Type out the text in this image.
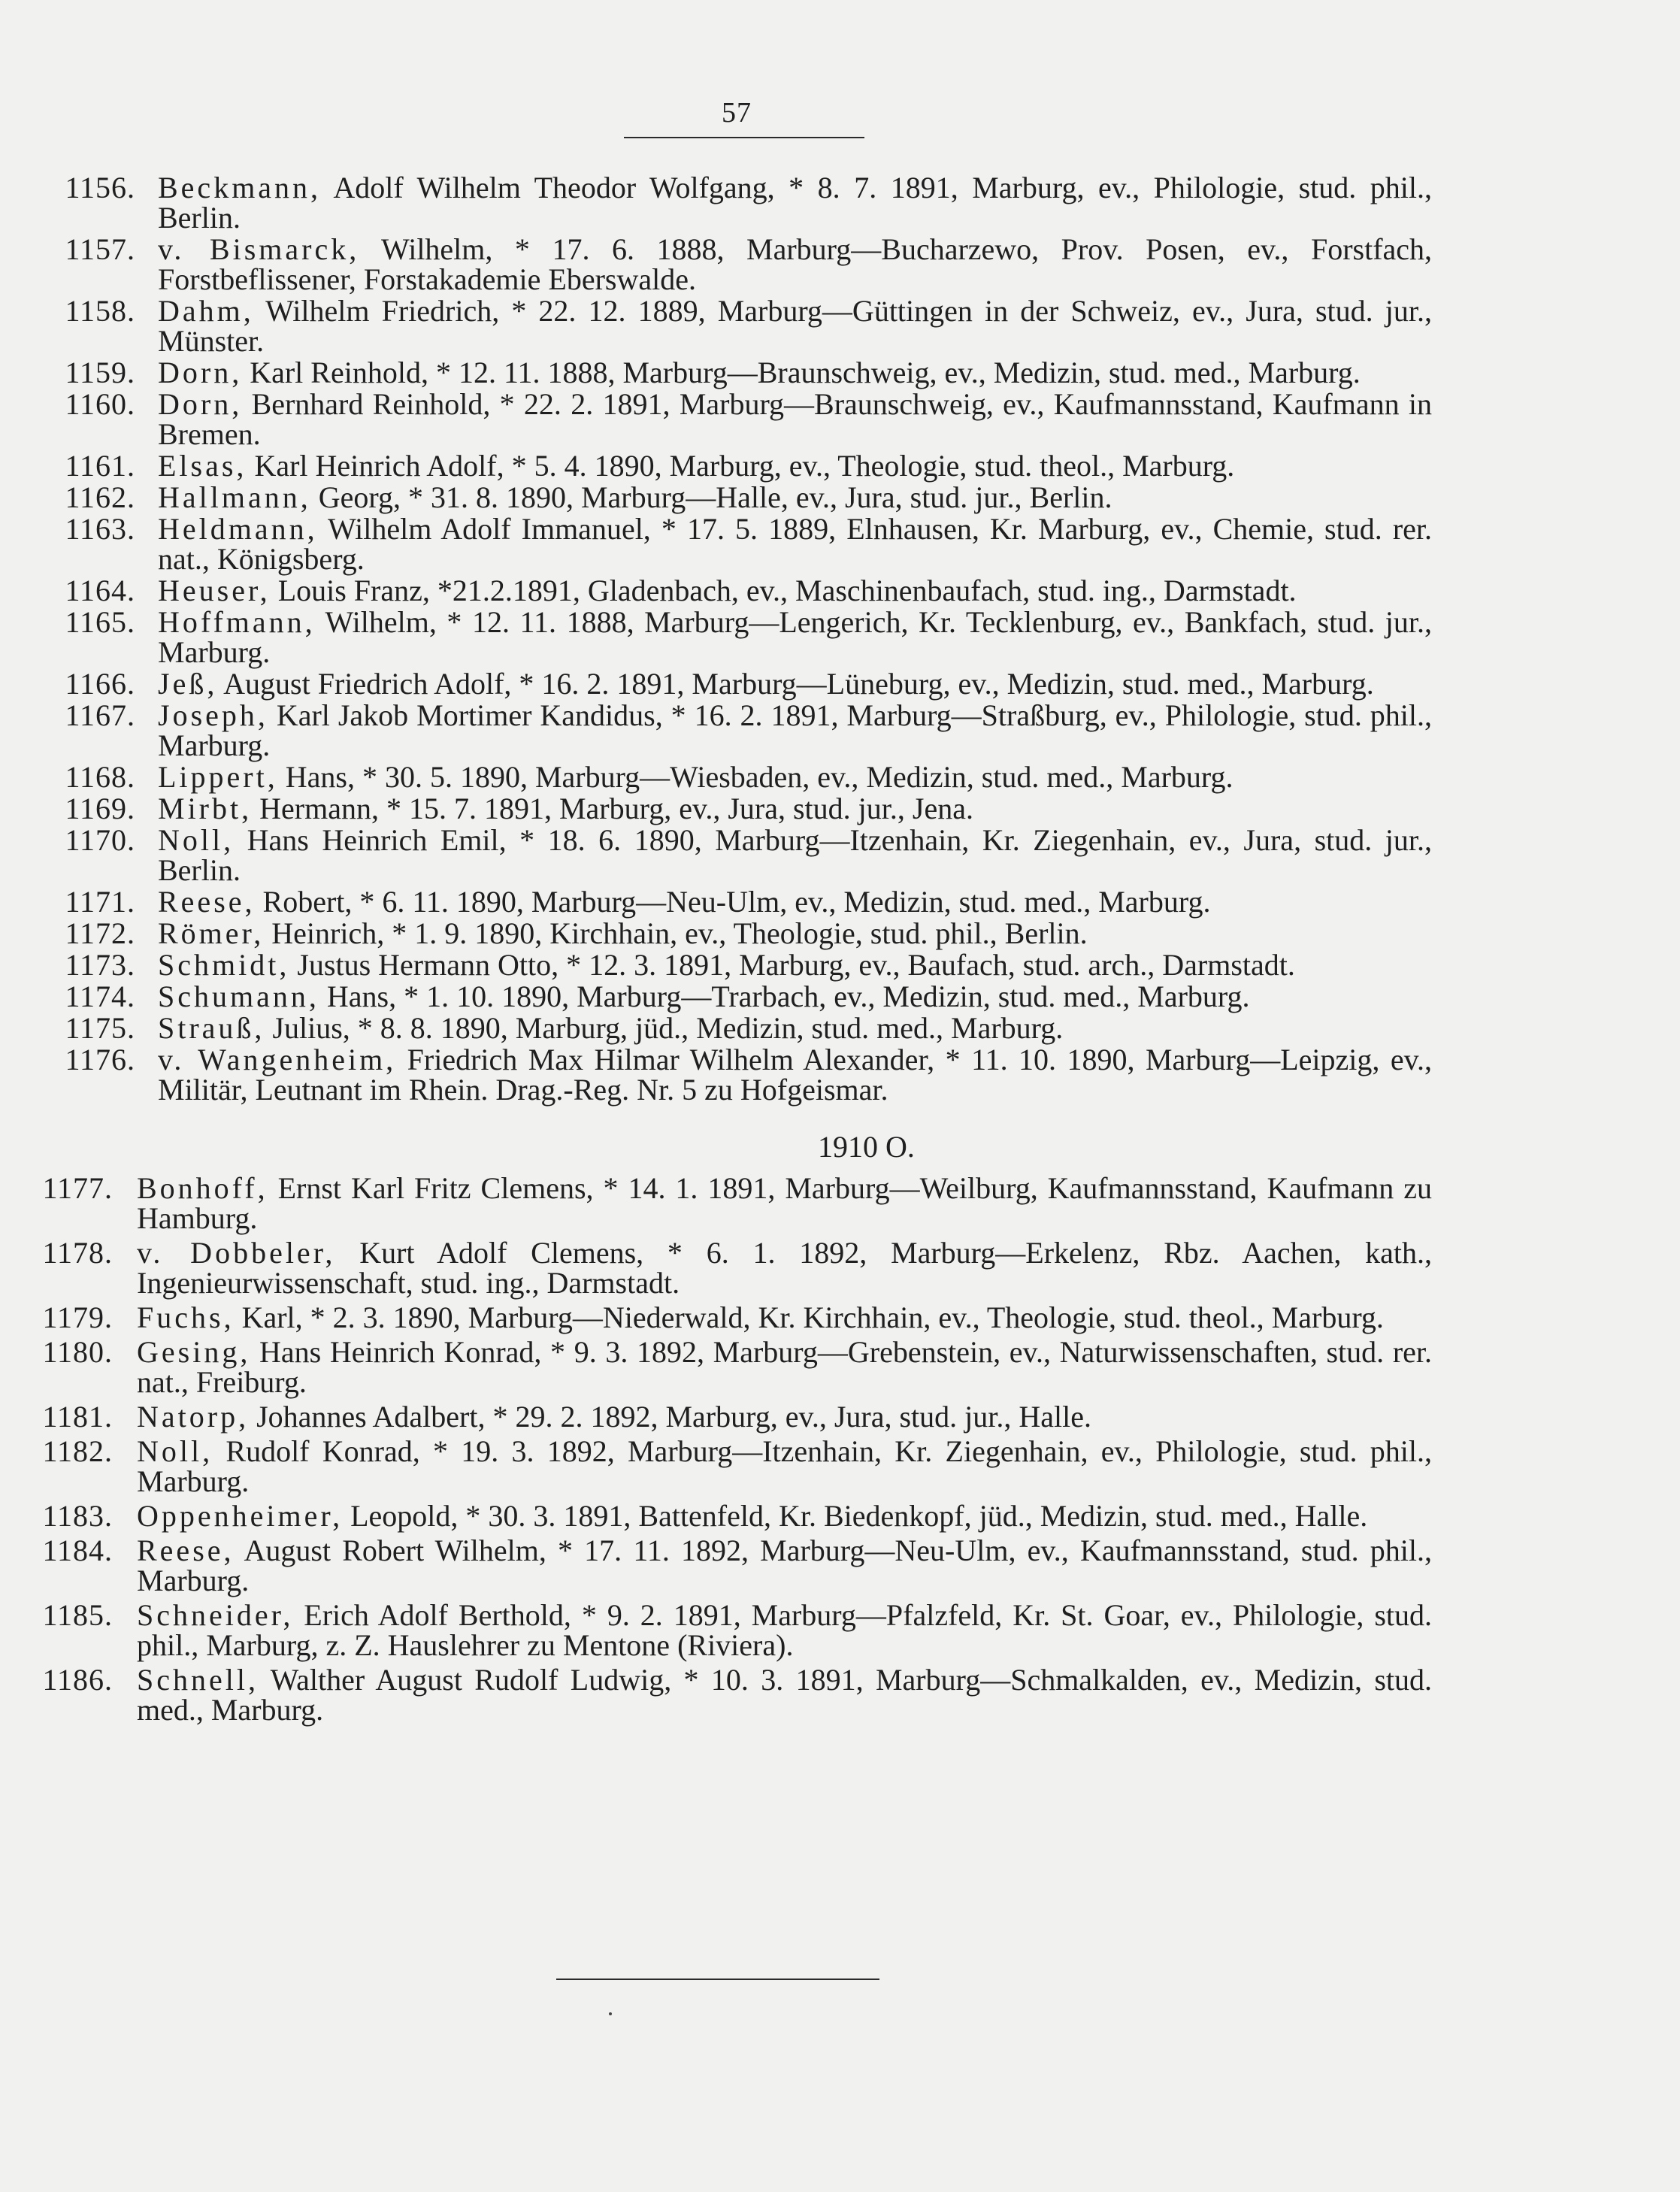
57
1156. Beckmann, Adolf Wilhelm Theodor Wolfgang, * 8. 7. 1891, Marburg, ev., Philologie, stud. phil., Berlin.
1157. v. Bismarck, Wilhelm, * 17. 6. 1888, Marburg—Bucharzewo, Prov. Posen, ev., Forstfach, Forstbeflissener, Forstakademie Eberswalde.
1158. Dahm, Wilhelm Friedrich, * 22. 12. 1889, Marburg—Güttingen in der Schweiz, ev., Jura, stud. jur., Münster.
1159. Dorn, Karl Reinhold, * 12. 11. 1888, Marburg—Braunschweig, ev., Medizin, stud. med., Marburg.
1160. Dorn, Bernhard Reinhold, * 22. 2. 1891, Marburg—Braunschweig, ev., Kaufmannsstand, Kaufmann in Bremen.
1161. Elsas, Karl Heinrich Adolf, * 5. 4. 1890, Marburg, ev., Theologie, stud. theol., Marburg.
1162. Hallmann, Georg, * 31. 8. 1890, Marburg—Halle, ev., Jura, stud. jur., Berlin.
1163. Heldmann, Wilhelm Adolf Immanuel, * 17. 5. 1889, Elnhausen, Kr. Marburg, ev., Chemie, stud. rer. nat., Königsberg.
1164. Heuser, Louis Franz, *21.2.1891, Gladenbach, ev., Maschinenbaufach, stud. ing., Darmstadt.
1165. Hoffmann, Wilhelm, * 12. 11. 1888, Marburg—Lengerich, Kr. Tecklenburg, ev., Bankfach, stud. jur., Marburg.
1166. Jeß, August Friedrich Adolf, * 16. 2. 1891, Marburg—Lüneburg, ev., Medizin, stud. med., Marburg.
1167. Joseph, Karl Jakob Mortimer Kandidus, * 16. 2. 1891, Marburg—Straßburg, ev., Philologie, stud. phil., Marburg.
1168. Lippert, Hans, * 30. 5. 1890, Marburg—Wiesbaden, ev., Medizin, stud. med., Marburg.
1169. Mirbt, Hermann, * 15. 7. 1891, Marburg, ev., Jura, stud. jur., Jena.
1170. Noll, Hans Heinrich Emil, * 18. 6. 1890, Marburg—Itzenhain, Kr. Ziegenhain, ev., Jura, stud. jur., Berlin.
1171. Reese, Robert, * 6. 11. 1890, Marburg—Neu-Ulm, ev., Medizin, stud. med., Marburg.
1172. Römer, Heinrich, * 1. 9. 1890, Kirchhain, ev., Theologie, stud. phil., Berlin.
1173. Schmidt, Justus Hermann Otto, * 12. 3. 1891, Marburg, ev., Baufach, stud. arch., Darmstadt.
1174. Schumann, Hans, * 1. 10. 1890, Marburg—Trarbach, ev., Medizin, stud. med., Marburg.
1175. Strauß, Julius, * 8. 8. 1890, Marburg, jüd., Medizin, stud. med., Marburg.
1176. v. Wangenheim, Friedrich Max Hilmar Wilhelm Alexander, * 11. 10. 1890, Marburg—Leipzig, ev., Militär, Leutnant im Rhein. Drag.-Reg. Nr. 5 zu Hofgeismar.
1910 O.
1177. Bonhoff, Ernst Karl Fritz Clemens, * 14. 1. 1891, Marburg—Weilburg, Kaufmannsstand, Kaufmann zu Hamburg.
1178. v. Dobbeler, Kurt Adolf Clemens, * 6. 1. 1892, Marburg—Erkelenz, Rbz. Aachen, kath., Ingenieurwissenschaft, stud. ing., Darmstadt.
1179. Fuchs, Karl, * 2. 3. 1890, Marburg—Niederwald, Kr. Kirchhain, ev., Theologie, stud. theol., Marburg.
1180. Gesing, Hans Heinrich Konrad, * 9. 3. 1892, Marburg—Grebenstein, ev., Naturwissenschaften, stud. rer. nat., Freiburg.
1181. Natorp, Johannes Adalbert, * 29. 2. 1892, Marburg, ev., Jura, stud. jur., Halle.
1182. Noll, Rudolf Konrad, * 19. 3. 1892, Marburg—Itzenhain, Kr. Ziegenhain, ev., Philologie, stud. phil., Marburg.
1183. Oppenheimer, Leopold, * 30. 3. 1891, Battenfeld, Kr. Biedenkopf, jüd., Medizin, stud. med., Halle.
1184. Reese, August Robert Wilhelm, * 17. 11. 1892, Marburg—Neu-Ulm, ev., Kaufmannsstand, stud. phil., Marburg.
1185. Schneider, Erich Adolf Berthold, * 9. 2. 1891, Marburg—Pfalzfeld, Kr. St. Goar, ev., Philologie, stud. phil., Marburg, z. Z. Hauslehrer zu Mentone (Riviera).
1186. Schnell, Walther August Rudolf Ludwig, * 10. 3. 1891, Marburg—Schmalkalden, ev., Medizin, stud. med., Marburg.
